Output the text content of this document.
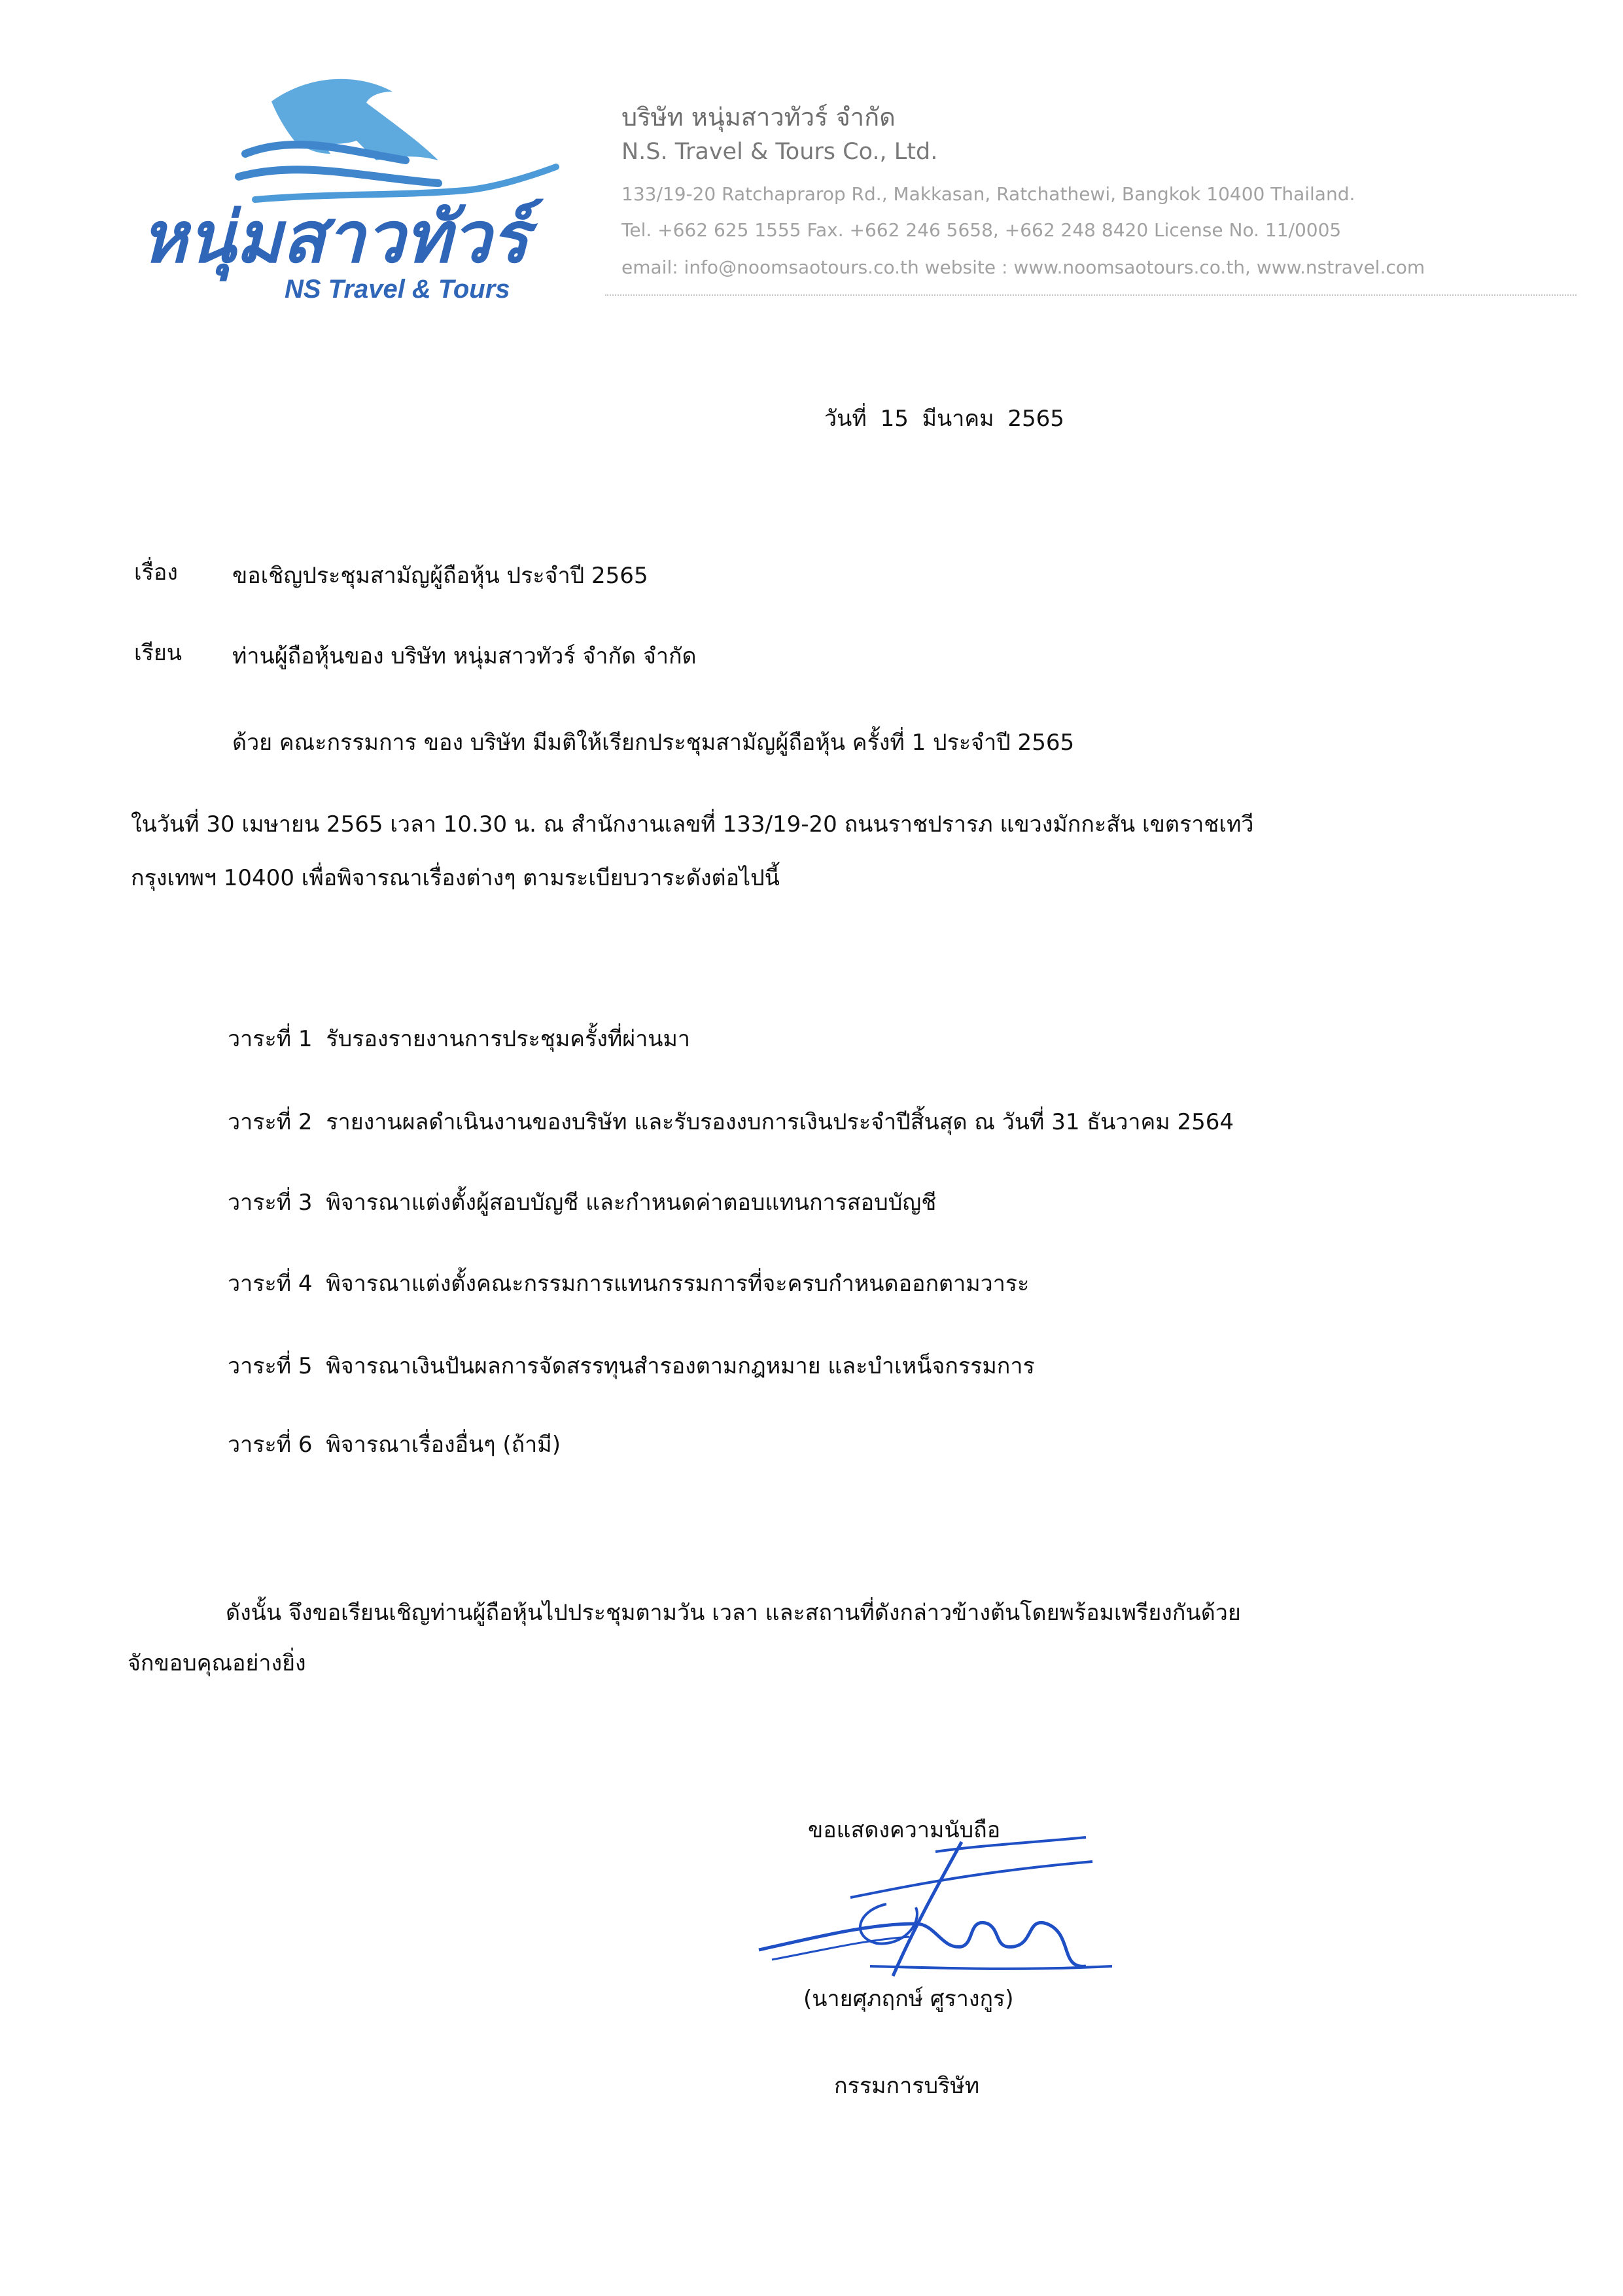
หนุ่มสาวทัวร์
NS Travel & Tours
บริษัท หนุ่มสาวทัวร์ จำกัด
N.S. Travel & Tours Co., Ltd.
133/19-20 Ratchaprarop Rd., Makkasan, Ratchathewi, Bangkok 10400 Thailand.
Tel. +662 625 1555 Fax. +662 246 5658, +662 248 8420 License No. 11/0005
email: info@noomsaotours.co.th website : www.noomsaotours.co.th, www.nstravel.com
วันที่ 15 มีนาคม 2565
เรื่อง ขอเชิญประชุมสามัญผู้ถือหุ้น ประจำปี 2565
เรียน ท่านผู้ถือหุ้นของ บริษัท หนุ่มสาวทัวร์ จำกัด จำกัด
ด้วย คณะกรรมการ ของ บริษัท มีมติให้เรียกประชุมสามัญผู้ถือหุ้น ครั้งที่ 1 ประจำปี 2565
ในวันที่ 30 เมษายน 2565 เวลา 10.30 น. ณ สำนักงานเลขที่ 133/19-20 ถนนราชปรารภ แขวงมักกะสัน เขตราชเทวี
กรุงเทพฯ 10400 เพื่อพิจารณาเรื่องต่างๆ ตามระเบียบวาระดังต่อไปนี้
วาระที่ 1 รับรองรายงานการประชุมครั้งที่ผ่านมา
วาระที่ 2 รายงานผลดำเนินงานของบริษัท และรับรองงบการเงินประจำปีสิ้นสุด ณ วันที่ 31 ธันวาคม 2564
วาระที่ 3 พิจารณาแต่งตั้งผู้สอบบัญชี และกำหนดค่าตอบแทนการสอบบัญชี
วาระที่ 4 พิจารณาแต่งตั้งคณะกรรมการแทนกรรมการที่จะครบกำหนดออกตามวาระ
วาระที่ 5 พิจารณาเงินปันผลการจัดสรรทุนสำรองตามกฎหมาย และบำเหน็จกรรมการ
วาระที่ 6 พิจารณาเรื่องอื่นๆ (ถ้ามี)
ดังนั้น จึงขอเรียนเชิญท่านผู้ถือหุ้นไปประชุมตามวัน เวลา และสถานที่ดังกล่าวข้างต้นโดยพร้อมเพรียงกันด้วย
จักขอบคุณอย่างยิ่ง
ขอแสดงความนับถือ
(นายศุภฤกษ์ ศูรางกูร)
กรรมการบริษัท
